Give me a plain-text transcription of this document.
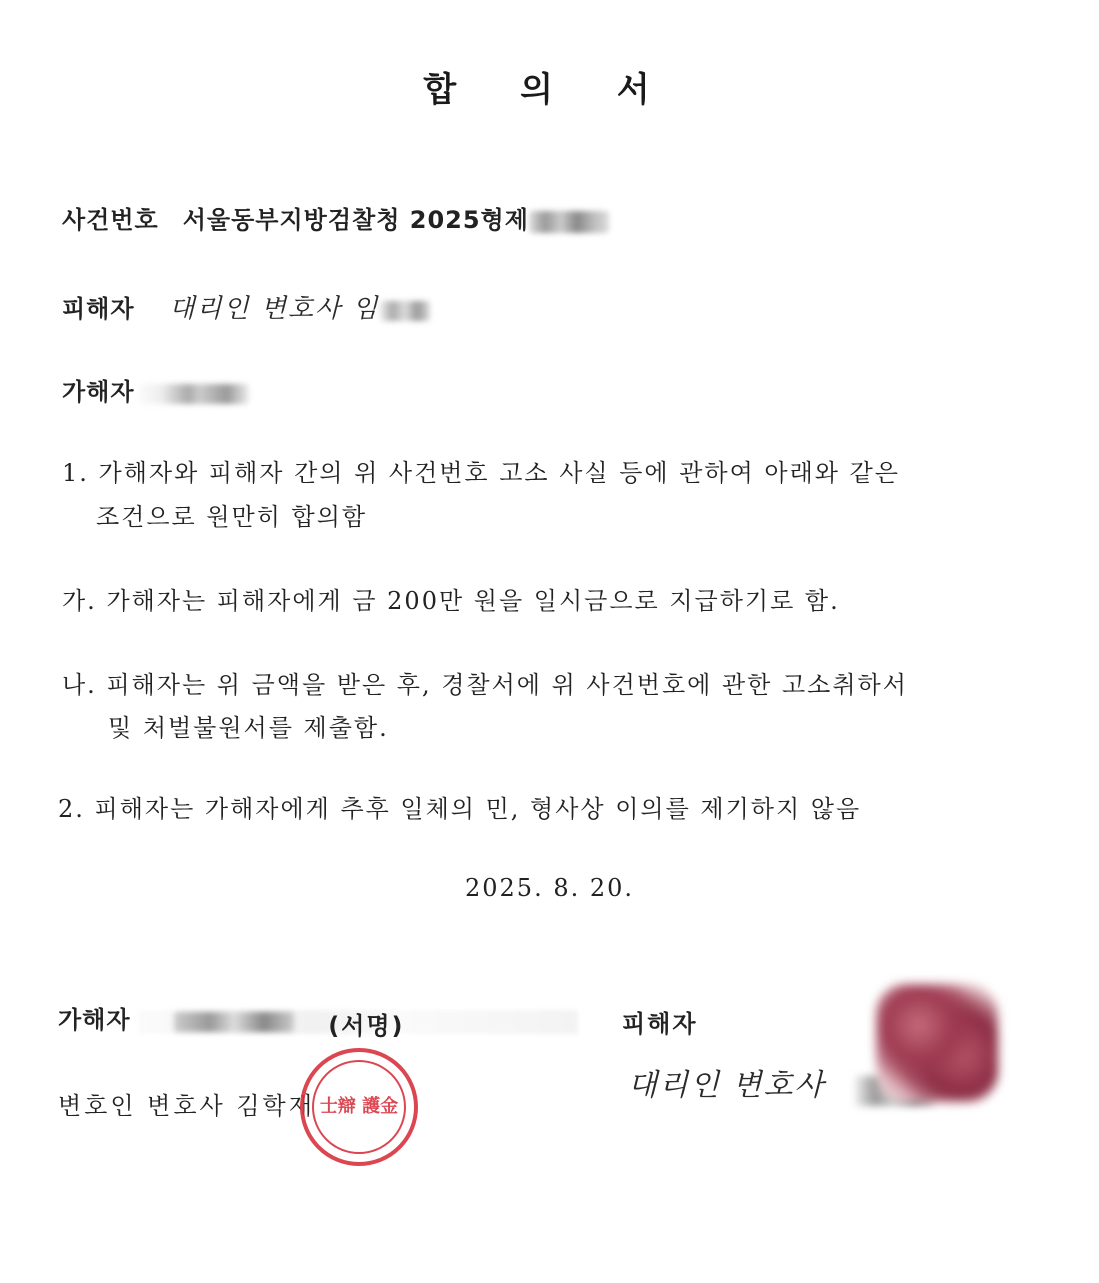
합 의 서
사건번호 서울동부지방검찰청 2025형제
피해자 대리인 변호사 임
가해자
1. 가해자와 피해자 간의 위 사건번호 고소 사실 등에 관하여 아래와 같은
조건으로 원만히 합의함
가. 가해자는 피해자에게 금 200만 원을 일시금으로 지급하기로 함.
나. 피해자는 위 금액을 받은 후, 경찰서에 위 사건번호에 관한 고소취하서
및 처벌불원서를 제출함.
2. 피해자는 가해자에게 추후 일체의 민, 형사상 이의를 제기하지 않음
2025. 8. 20.
가해자	(서명)
변호인 변호사 김학재 士辯 護金
피해자
대리인 변호사
